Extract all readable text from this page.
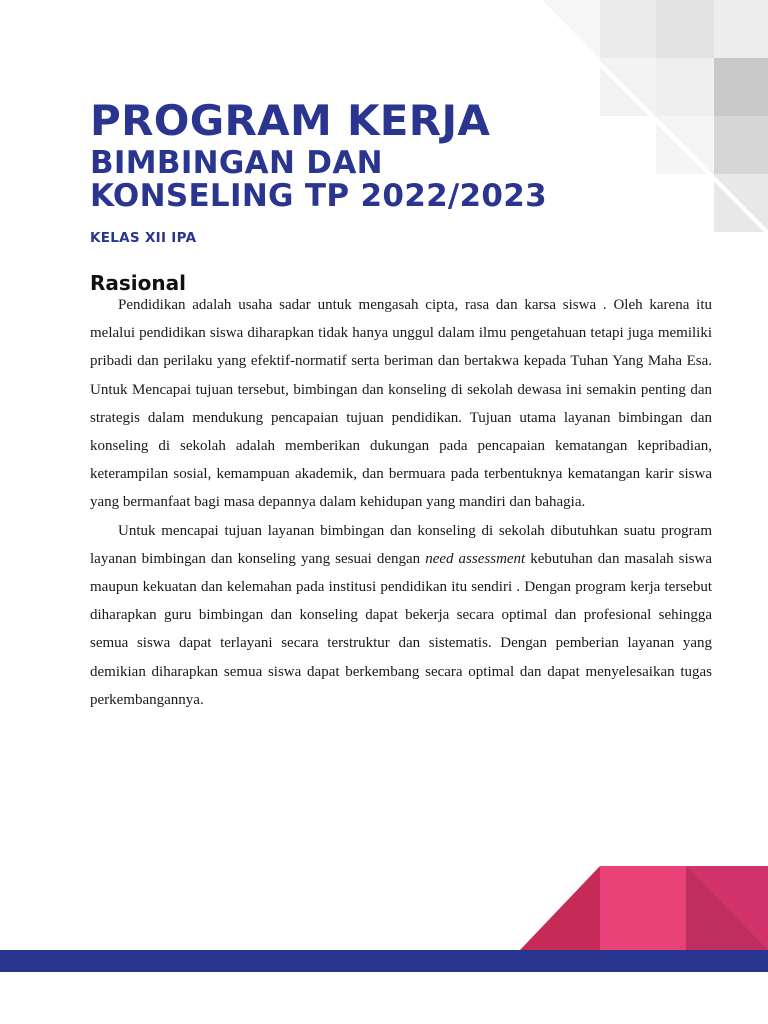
PROGRAM KERJA
BIMBINGAN DAN
KONSELING TP 2022/2023
KELAS XII IPA
Rasional

Pendidikan adalah usaha sadar untuk mengasah cipta, rasa dan karsa siswa . Oleh karena itu melalui pendidikan siswa diharapkan tidak hanya unggul dalam ilmu pengetahuan tetapi juga memiliki pribadi dan perilaku yang efektif-normatif serta beriman dan bertakwa kepada Tuhan Yang Maha Esa. Untuk Mencapai tujuan tersebut, bimbingan dan konseling di sekolah dewasa ini semakin penting dan strategis dalam mendukung pencapaian tujuan pendidikan. Tujuan utama layanan bimbingan dan konseling di sekolah adalah memberikan dukungan pada pencapaian kematangan kepribadian, keterampilan sosial, kemampuan akademik, dan bermuara pada terbentuknya kematangan karir siswa yang bermanfaat bagi masa depannya dalam kehidupan yang mandiri dan bahagia.

Untuk mencapai tujuan layanan bimbingan dan konseling di sekolah dibutuhkan suatu program layanan bimbingan dan konseling yang sesuai dengan need assessment kebutuhan dan masalah siswa maupun kekuatan dan kelemahan pada institusi pendidikan itu sendiri . Dengan program kerja tersebut diharapkan guru bimbingan dan konseling dapat bekerja secara optimal dan profesional sehingga semua siswa dapat terlayani secara terstruktur dan sistematis. Dengan pemberian layanan yang demikian diharapkan semua siswa dapat berkembang secara optimal dan dapat menyelesaikan tugas perkembangannya.
